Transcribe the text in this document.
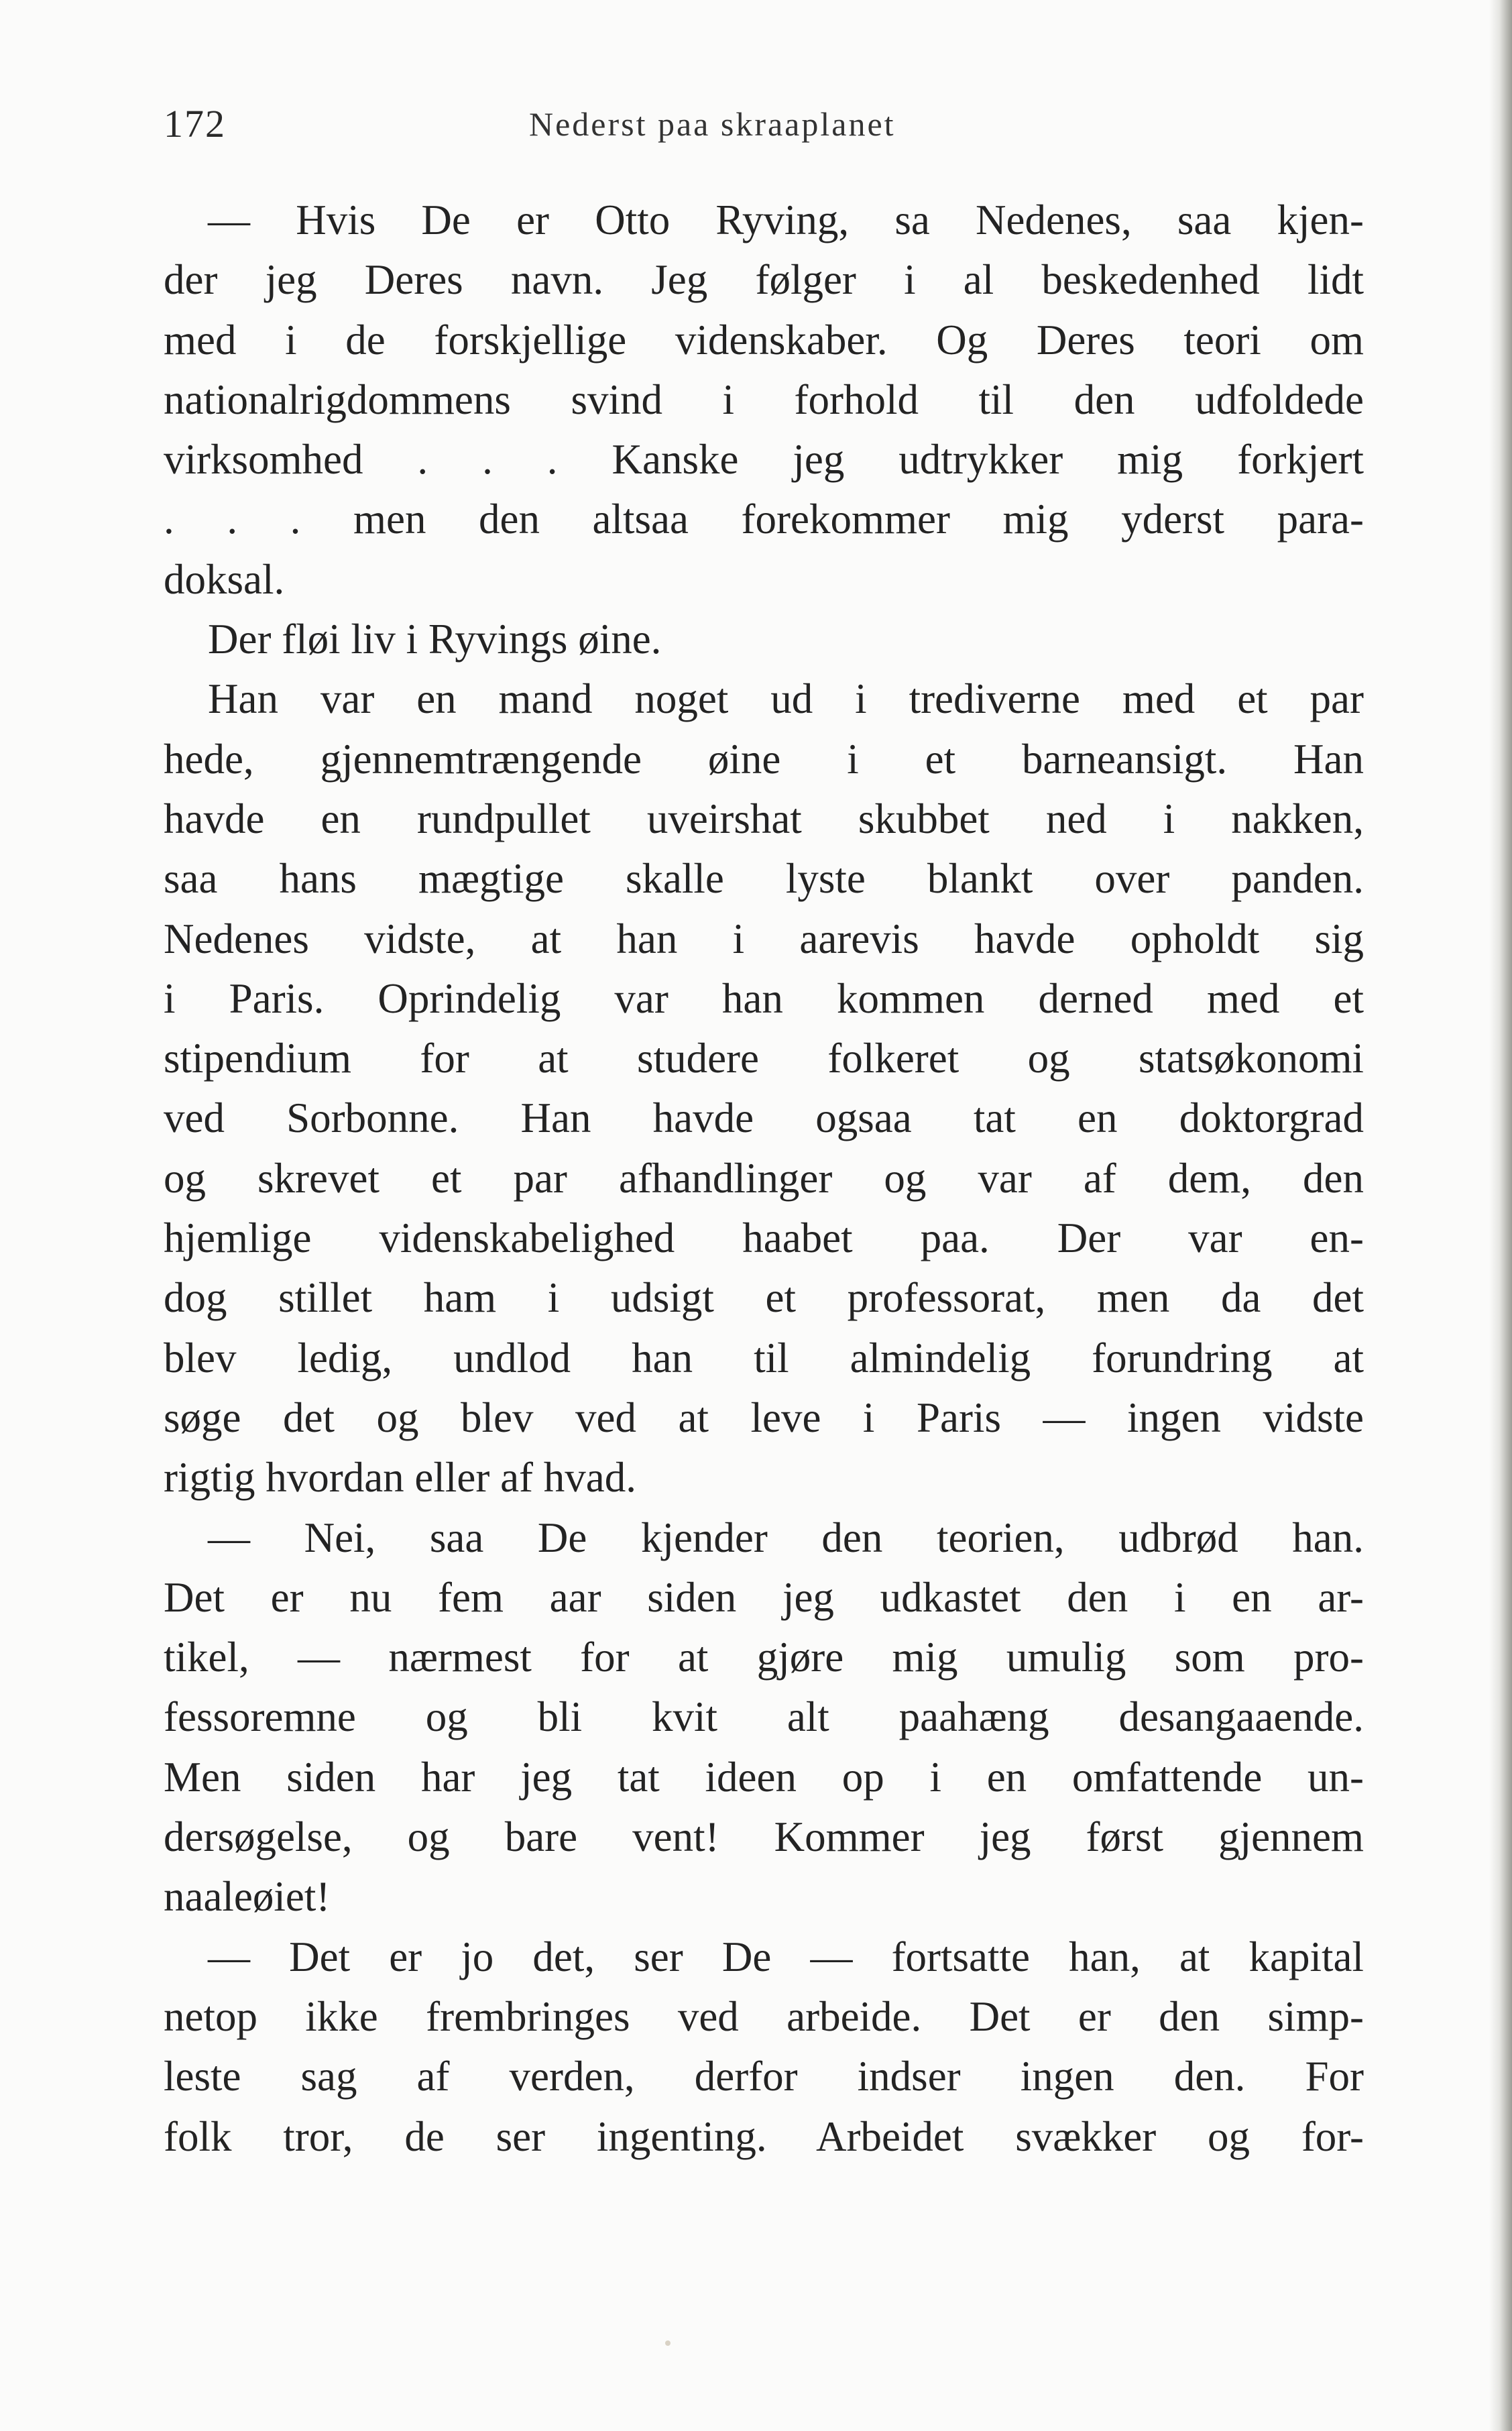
172	Nederst paa skraaplanet
— Hvis De er Otto Ryving, sa Nedenes, saa kjen-
der jeg Deres navn. Jeg følger i al beskedenhed lidt
med i de forskjellige videnskaber. Og Deres teori om
nationalrigdommens svind i forhold til den udfoldede
virksomhed . . . Kanske jeg udtrykker mig forkjert
. . . men den altsaa forekommer mig yderst para-
doksal.
Der fløi liv i Ryvings øine.
Han var en mand noget ud i trediverne med et par
hede, gjennemtrængende øine i et barneansigt. Han
havde en rundpullet uveirshat skubbet ned i nakken,
saa hans mægtige skalle lyste blankt over panden.
Nedenes vidste, at han i aarevis havde opholdt sig
i Paris. Oprindelig var han kommen derned med et
stipendium for at studere folkeret og statsøkonomi
ved Sorbonne. Han havde ogsaa tat en doktorgrad
og skrevet et par afhandlinger og var af dem, den
hjemlige videnskabelighed haabet paa. Der var en-
dog stillet ham i udsigt et professorat, men da det
blev ledig, undlod han til almindelig forundring at
søge det og blev ved at leve i Paris — ingen vidste
rigtig hvordan eller af hvad.
— Nei, saa De kjender den teorien, udbrød han.
Det er nu fem aar siden jeg udkastet den i en ar-
tikel, — nærmest for at gjøre mig umulig som pro-
fessoremne og bli kvit alt paahæng desangaaende.
Men siden har jeg tat ideen op i en omfattende un-
dersøgelse, og bare vent! Kommer jeg først gjennem
naaleøiet!
— Det er jo det, ser De — fortsatte han, at kapital
netop ikke frembringes ved arbeide. Det er den simp-
leste sag af verden, derfor indser ingen den. For
folk tror, de ser ingenting. Arbeidet svækker og for-
